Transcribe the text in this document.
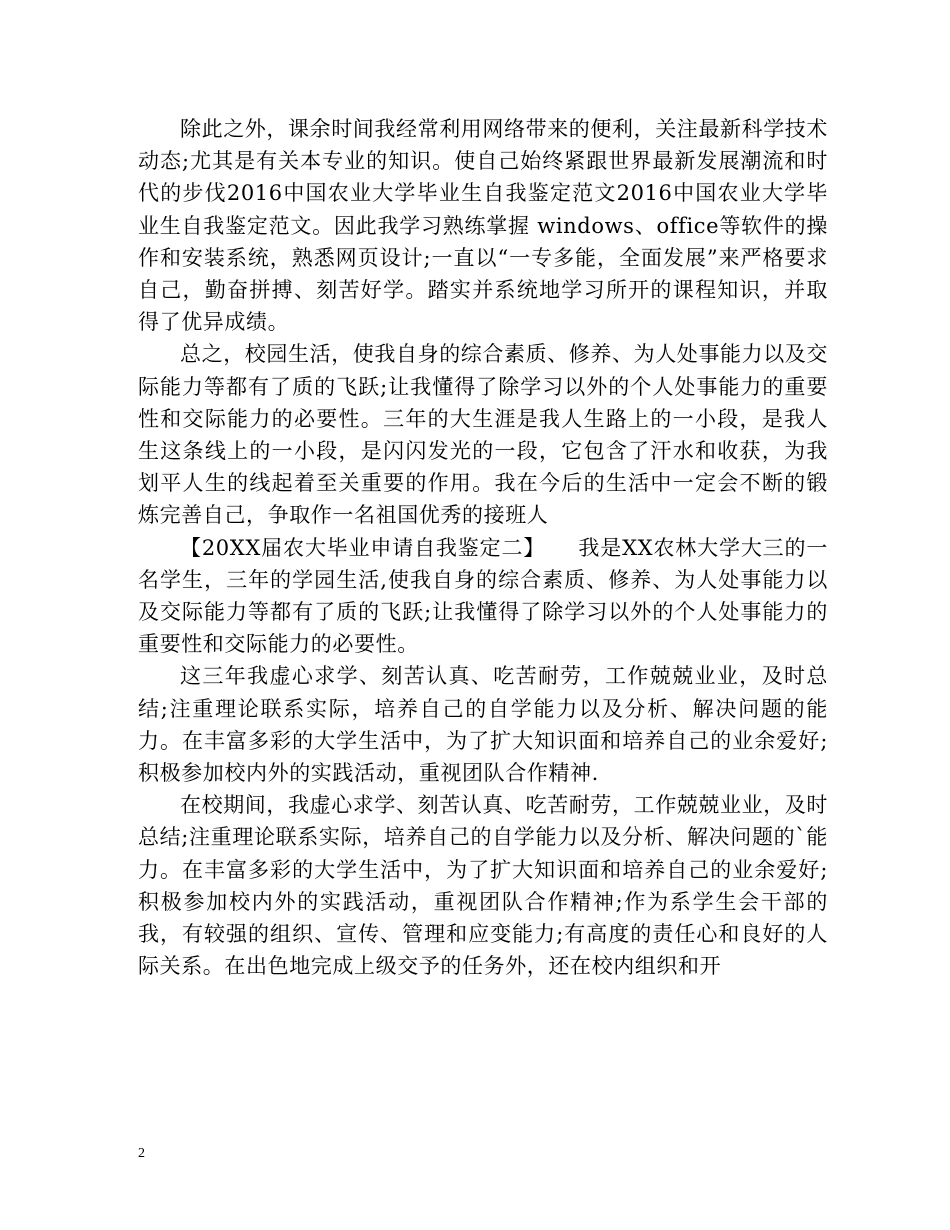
除此之外，课余时间我经常利用网络带来的便利，关注最新科学技术动态;尤其是有关本专业的知识。使自己始终紧跟世界最新发展潮流和时代的步伐2016中国农业大学毕业生自我鉴定范文2016中国农业大学毕业生自我鉴定范文。因此我学习熟练掌握 windows、office等软件的操作和安装系统，熟悉网页设计;一直以“一专多能，全面发展”来严格要求自己，勤奋拼搏、刻苦好学。踏实并系统地学习所开的课程知识，并取得了优异成绩。

总之，校园生活，使我自身的综合素质、修养、为人处事能力以及交际能力等都有了质的飞跃;让我懂得了除学习以外的个人处事能力的重要性和交际能力的必要性。三年的大生涯是我人生路上的一小段，是我人生这条线上的一小段，是闪闪发光的一段，它包含了汗水和收获，为我划平人生的线起着至关重要的作用。我在今后的生活中一定会不断的锻炼完善自己，争取作一名祖国优秀的接班人

【20XX届农大毕业申请自我鉴定二】　　我是XX农林大学大三的一名学生，三年的学园生活,使我自身的综合素质、修养、为人处事能力以及交际能力等都有了质的飞跃;让我懂得了除学习以外的个人处事能力的重要性和交际能力的必要性。

这三年我虚心求学、刻苦认真、吃苦耐劳，工作兢兢业业，及时总结;注重理论联系实际，培养自己的自学能力以及分析、解决问题的能力。在丰富多彩的大学生活中，为了扩大知识面和培养自己的业余爱好;积极参加校内外的实践活动，重视团队合作精神.

在校期间，我虚心求学、刻苦认真、吃苦耐劳，工作兢兢业业，及时总结;注重理论联系实际，培养自己的自学能力以及分析、解决问题的`能力。在丰富多彩的大学生活中，为了扩大知识面和培养自己的业余爱好;积极参加校内外的实践活动，重视团队合作精神;作为系学生会干部的我，有较强的组织、宣传、管理和应变能力;有高度的责任心和良好的人际关系。在出色地完成上级交予的任务外，还在校内组织和开

2
